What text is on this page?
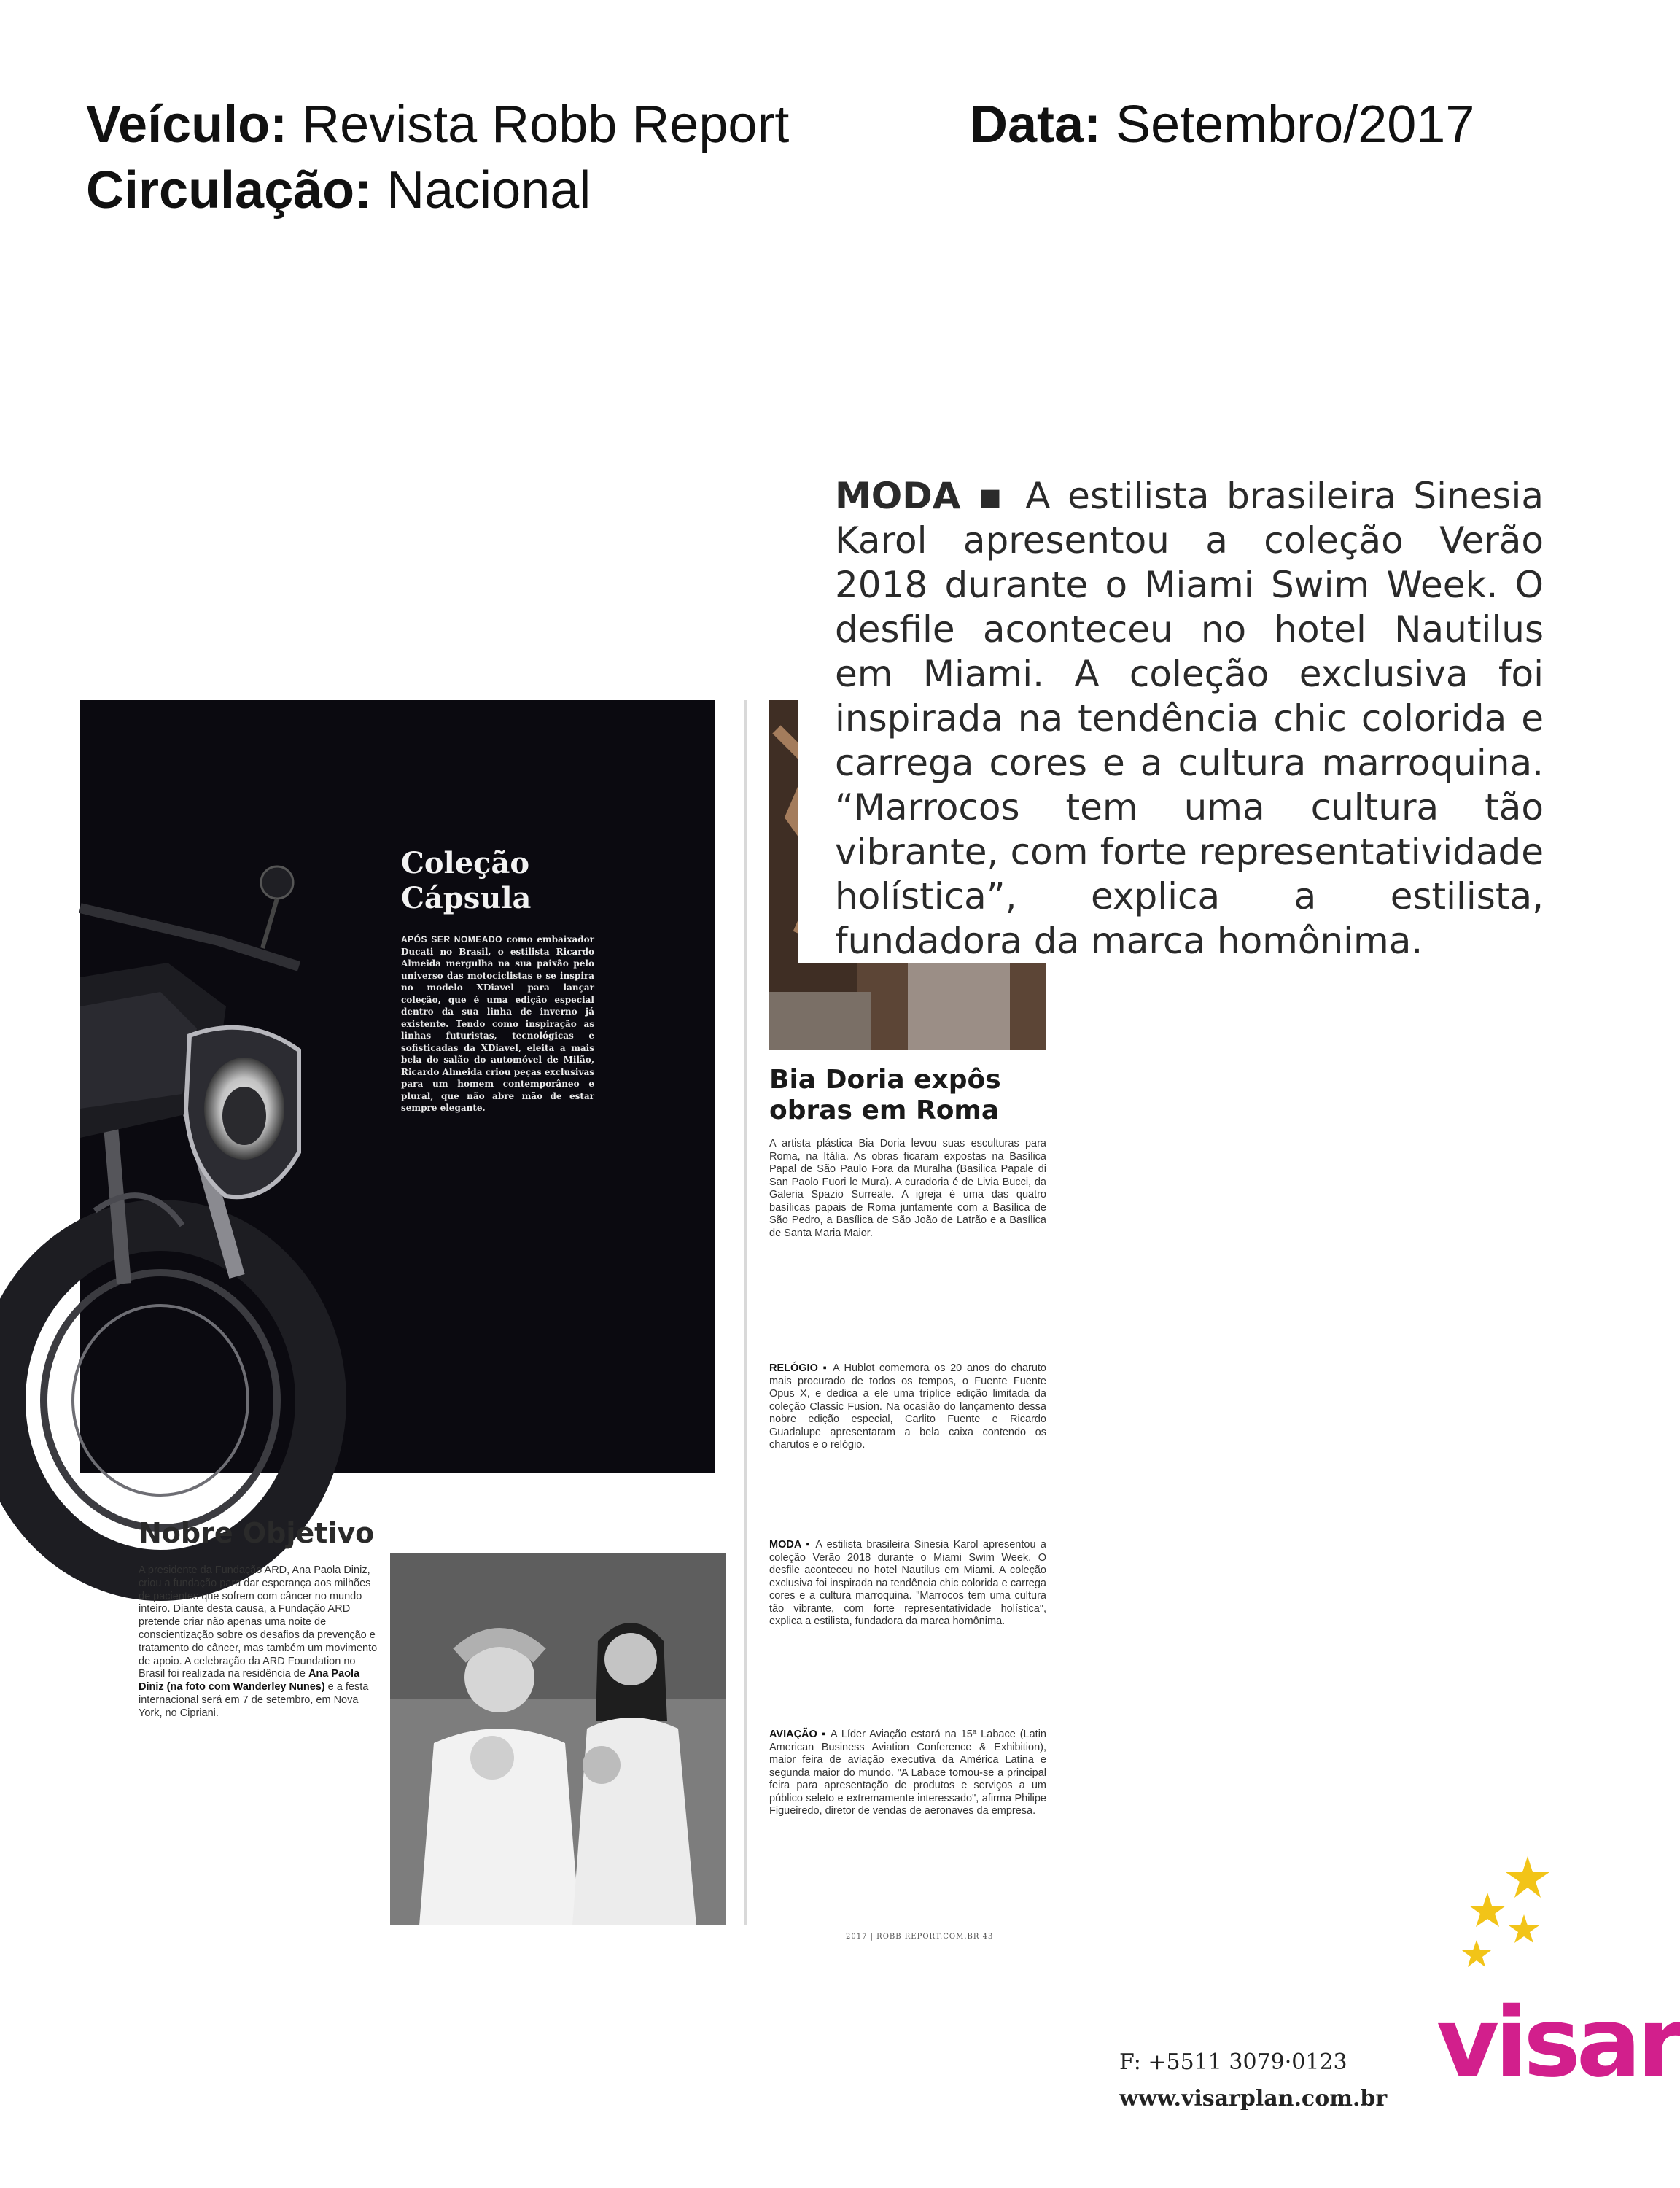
Veículo: Revista Robb Report	Data: Setembro/2017
Circulação: Nacional
Coleção
Cápsula
APÓS SER NOMEADO como embaixador Ducati no Brasil, o estilista Ricardo Almeida mergulha na sua paixão pelo universo das motociclistas e se inspira no modelo XDiavel para lançar coleção, que é uma edição especial dentro da sua linha de inverno já existente. Tendo como inspiração as linhas futuristas, tecnológicas e sofisticadas da XDiavel, eleita a mais bela do salão do automóvel de Milão, Ricardo Almeida criou peças exclusivas para um homem contemporâneo e plural, que não abre mão de estar sempre elegante.
Bia Doria expôs obras em Roma
A artista plástica Bia Doria levou suas esculturas para Roma, na Itália. As obras ficaram expostas na Basílica Papal de São Paulo Fora da Muralha (Basilica Papale di San Paolo Fuori le Mura). A curadoria é de Livia Bucci, da Galeria Spazio Surreale. A igreja é uma das quatro basílicas papais de Roma juntamente com a Basílica de São Pedro, a Basílica de São João de Latrão e a Basílica de Santa Maria Maior.
RELÓGIO ▪ A Hublot comemora os 20 anos do charuto mais procurado de todos os tempos, o Fuente Fuente Opus X, e dedica a ele uma tríplice edição limitada da coleção Classic Fusion. Na ocasião do lançamento dessa nobre edição especial, Carlito Fuente e Ricardo Guadalupe apresentaram a bela caixa contendo os charutos e o relógio.
MODA ▪ A estilista brasileira Sinesia Karol apresentou a coleção Verão 2018 durante o Miami Swim Week. O desfile aconteceu no hotel Nautilus em Miami. A coleção exclusiva foi inspirada na tendência chic colorida e carrega cores e a cultura marroquina. "Marrocos tem uma cultura tão vibrante, com forte representatividade holística", explica a estilista, fundadora da marca homônima.
AVIAÇÃO ▪ A Líder Aviação estará na 15ª Labace (Latin American Business Aviation Conference & Exhibition), maior feira de aviação executiva da América Latina e segunda maior do mundo. "A Labace tornou-se a principal feira para apresentação de produtos e serviços a um público seleto e extremamente interessado", afirma Philipe Figueiredo, diretor de vendas de aeronaves da empresa.
Nobre Objetivo
A presidente da Fundação ARD, Ana Paola Diniz, criou a fundação para dar esperança aos milhões de pacientes que sofrem com câncer no mundo inteiro. Diante desta causa, a Fundação ARD pretende criar não apenas uma noite de conscientização sobre os desafios da prevenção e tratamento do câncer, mas também um movimento de apoio. A celebração da ARD Foundation no Brasil foi realizada na residência de Ana Paola Diniz (na foto com Wanderley Nunes) e a festa internacional será em 7 de setembro, em Nova York, no Cipriani.
2017 | ROBB REPORT.COM.BR 43
MODA ▪ A estilista brasileira Sinesia Karol apresentou a coleção Verão 2018 durante o Miami Swim Week. O desfile aconteceu no hotel Nautilus em Miami. A coleção exclusiva foi inspirada na tendência chic colorida e carrega cores e a cultura marroquina. “Marrocos tem uma cultura tão vibrante, com forte representatividade holística”, explica a estilista, fundadora da marca homônima.
F: +5511 3079·0123
www.visarplan.com.br visar
